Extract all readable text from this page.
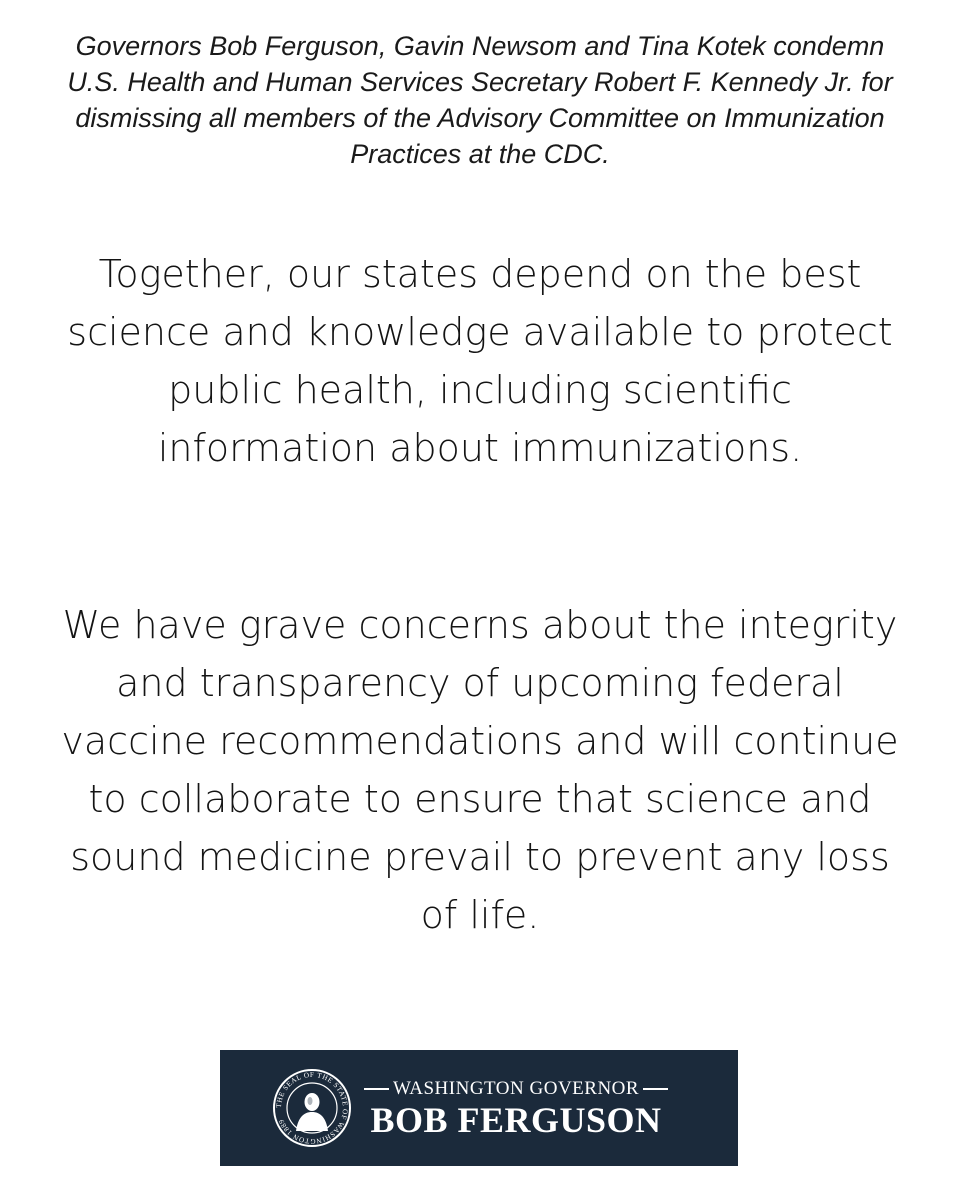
Governors Bob Ferguson, Gavin Newsom and Tina Kotek condemn U.S. Health and Human Services Secretary Robert F. Kennedy Jr. for dismissing all members of the Advisory Committee on Immunization Practices at the CDC.

Together, our states depend on the best science and knowledge available to protect public health, including scientific information about immunizations.

We have grave concerns about the integrity and transparency of upcoming federal vaccine recommendations and will continue to collaborate to ensure that science and sound medicine prevail to prevent any loss of life.

THE SEAL OF THE STATE OF WASHINGTON 1889
WASHINGTON GOVERNOR
BOB FERGUSON
